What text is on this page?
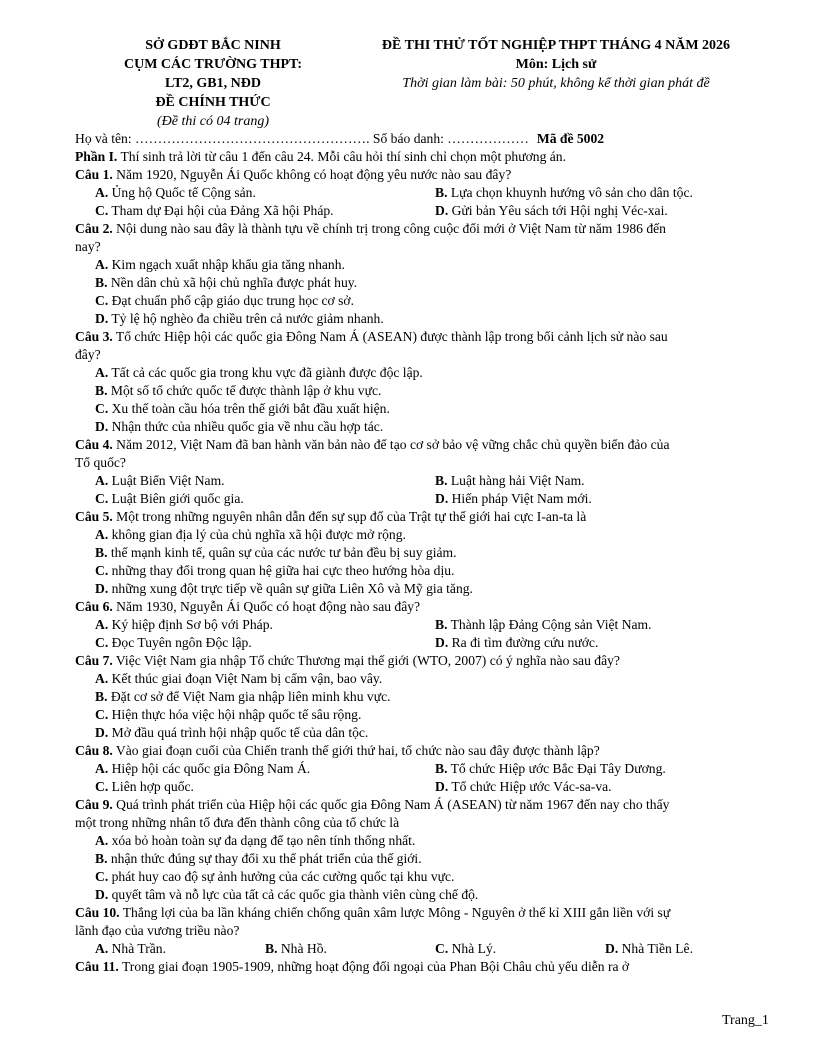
SỞ GDĐT BẮC NINH
CỤM CÁC TRƯỜNG THPT:
LT2, GB1, NĐD
ĐỀ CHÍNH THỨC
(Đề thi có 04 trang)
ĐỀ THI THỬ TỐT NGHIỆP THPT THÁNG 4 NĂM 2026
Môn: Lịch sử
Thời gian làm bài: 50 phút, không kể thời gian phát đề
Họ và tên: ……………………………………………. Số báo danh: ……………… Mã đề 5002
Phần I. Thí sinh trả lời từ câu 1 đến câu 24. Mỗi câu hỏi thí sinh chỉ chọn một phương án.
Câu 1. Năm 1920, Nguyễn Ái Quốc không có hoạt động yêu nước nào sau đây?
A. Ủng hộ Quốc tế Cộng sản.	B. Lựa chọn khuynh hướng vô sản cho dân tộc.
C. Tham dự Đại hội của Đảng Xã hội Pháp.	D. Gửi bản Yêu sách tới Hội nghị Véc-xai.
Câu 2. Nội dung nào sau đây là thành tựu về chính trị trong công cuộc đổi mới ở Việt Nam từ năm 1986 đến
nay?
A. Kim ngạch xuất nhập khẩu gia tăng nhanh.
B. Nền dân chủ xã hội chủ nghĩa được phát huy.
C. Đạt chuẩn phổ cập giáo dục trung học cơ sở.
D. Tỷ lệ hộ nghèo đa chiều trên cả nước giảm nhanh.
Câu 3. Tổ chức Hiệp hội các quốc gia Đông Nam Á (ASEAN) được thành lập trong bối cảnh lịch sử nào sau
đây?
A. Tất cả các quốc gia trong khu vực đã giành được độc lập.
B. Một số tổ chức quốc tế được thành lập ở khu vực.
C. Xu thế toàn cầu hóa trên thế giới bắt đầu xuất hiện.
D. Nhận thức của nhiều quốc gia về nhu cầu hợp tác.
Câu 4. Năm 2012, Việt Nam đã ban hành văn bản nào để tạo cơ sở bảo vệ vững chắc chủ quyền biển đảo của
Tổ quốc?
A. Luật Biển Việt Nam.	B. Luật hàng hải Việt Nam.
C. Luật Biên giới quốc gia.	D. Hiến pháp Việt Nam mới.
Câu 5. Một trong những nguyên nhân dẫn đến sự sụp đổ của Trật tự thế giới hai cực I-an-ta là
A. không gian địa lý của chủ nghĩa xã hội được mở rộng.
B. thế mạnh kinh tế, quân sự của các nước tư bản đều bị suy giảm.
C. những thay đổi trong quan hệ giữa hai cực theo hướng hòa dịu.
D. những xung đột trực tiếp về quân sự giữa Liên Xô và Mỹ gia tăng.
Câu 6. Năm 1930, Nguyễn Ái Quốc có hoạt động nào sau đây?
A. Ký hiệp định Sơ bộ với Pháp.	B. Thành lập Đảng Cộng sản Việt Nam.
C. Đọc Tuyên ngôn Độc lập.	D. Ra đi tìm đường cứu nước.
Câu 7. Việc Việt Nam gia nhập Tổ chức Thương mại thế giới (WTO, 2007) có ý nghĩa nào sau đây?
A. Kết thúc giai đoạn Việt Nam bị cấm vận, bao vây.
B. Đặt cơ sở để Việt Nam gia nhập liên minh khu vực.
C. Hiện thực hóa việc hội nhập quốc tế sâu rộng.
D. Mở đầu quá trình hội nhập quốc tế của dân tộc.
Câu 8. Vào giai đoạn cuối của Chiến tranh thế giới thứ hai, tổ chức nào sau đây được thành lập?
A. Hiệp hội các quốc gia Đông Nam Á.	B. Tổ chức Hiệp ước Bắc Đại Tây Dương.
C. Liên hợp quốc.	D. Tổ chức Hiệp ước Vác-sa-va.
Câu 9. Quá trình phát triển của Hiệp hội các quốc gia Đông Nam Á (ASEAN) từ năm 1967 đến nay cho thấy
một trong những nhân tố đưa đến thành công của tổ chức là
A. xóa bỏ hoàn toàn sự đa dạng để tạo nên tính thống nhất.
B. nhận thức đúng sự thay đổi xu thế phát triển của thế giới.
C. phát huy cao độ sự ảnh hưởng của các cường quốc tại khu vực.
D. quyết tâm và nỗ lực của tất cả các quốc gia thành viên cùng chế độ.
Câu 10. Thắng lợi của ba lần kháng chiến chống quân xâm lược Mông - Nguyên ở thế kỉ XIII gắn liền với sự
lãnh đạo của vương triều nào?
A. Nhà Trần.	B. Nhà Hồ.	C. Nhà Lý.	D. Nhà Tiền Lê.
Câu 11. Trong giai đoạn 1905-1909, những hoạt động đối ngoại của Phan Bội Châu chủ yếu diễn ra ở
Trang_1
